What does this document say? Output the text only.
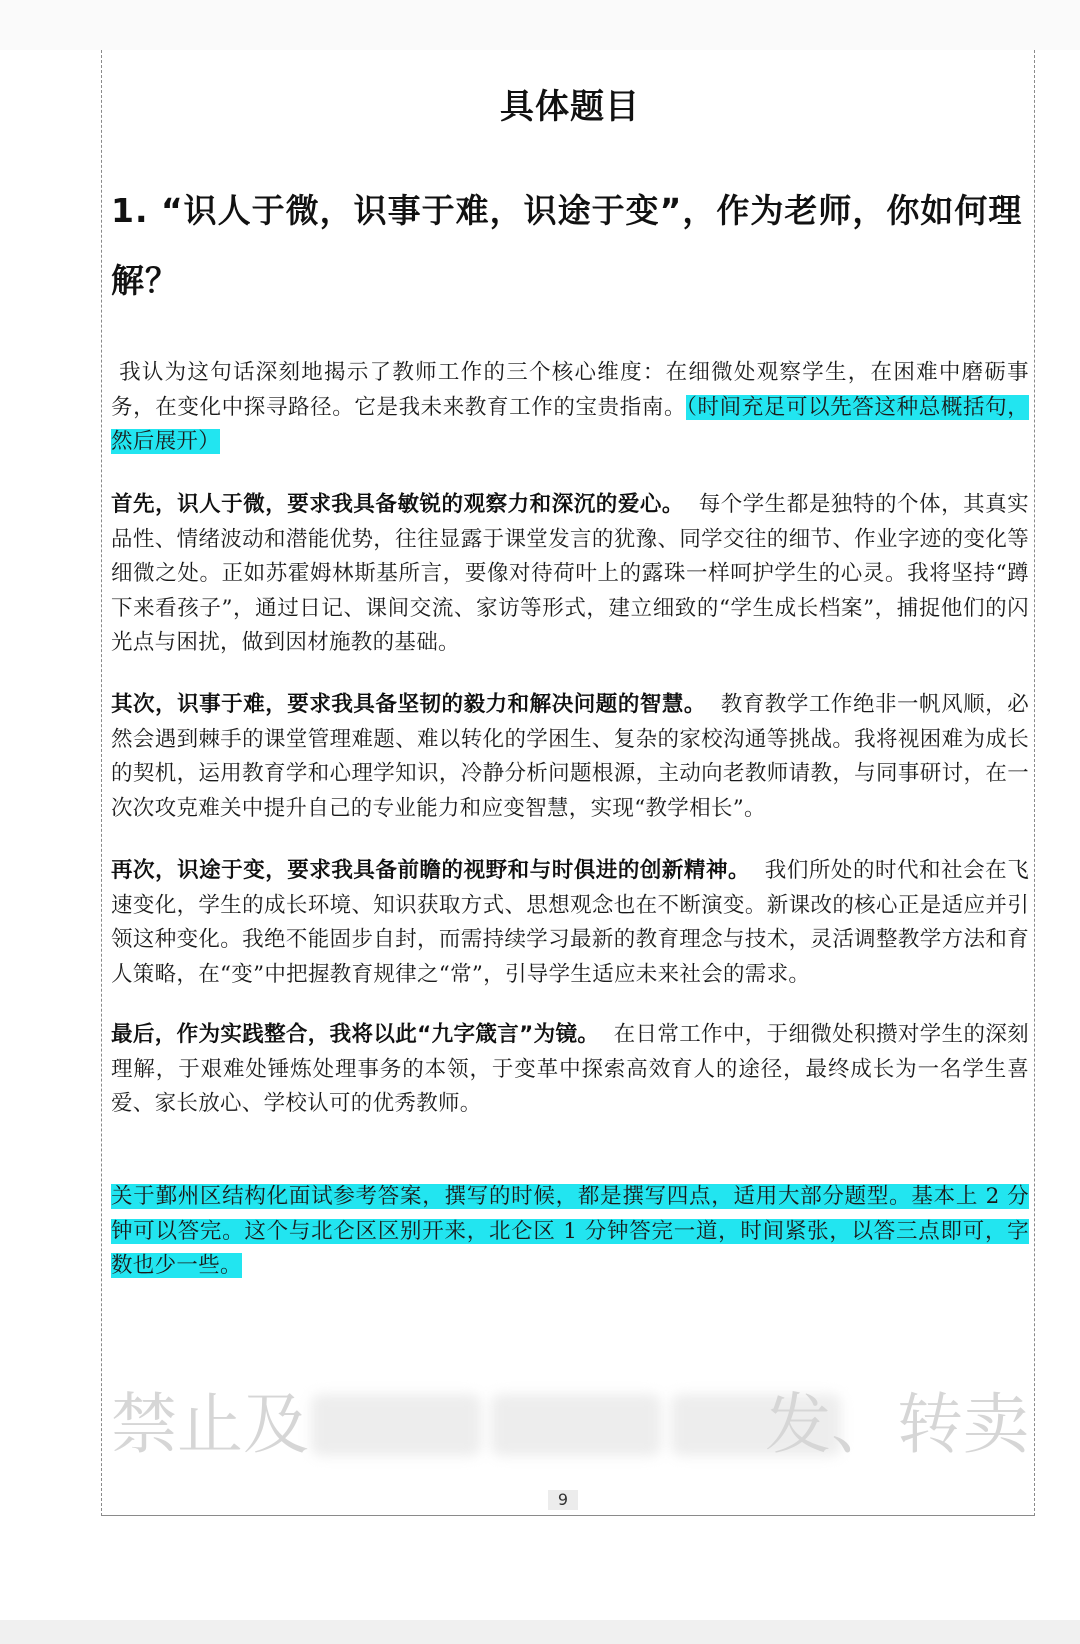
具体题目
1. “识人于微，识事于难，识途于变”，作为老师，你如何理解？
我认为这句话深刻地揭示了教师工作的三个核心维度：在细微处观察学生，在困难中磨砺事务，在变化中探寻路径。它是我未来教育工作的宝贵指南。（时间充足可以先答这种总概括句，然后展开）
首先，识人于微，要求我具备敏锐的观察力和深沉的爱心。 每个学生都是独特的个体，其真实品性、情绪波动和潜能优势，往往显露于课堂发言的犹豫、同学交往的细节、作业字迹的变化等细微之处。正如苏霍姆林斯基所言，要像对待荷叶上的露珠一样呵护学生的心灵。我将坚持“蹲下来看孩子”，通过日记、课间交流、家访等形式，建立细致的“学生成长档案”，捕捉他们的闪光点与困扰，做到因材施教的基础。
其次，识事于难，要求我具备坚韧的毅力和解决问题的智慧。 教育教学工作绝非一帆风顺，必然会遇到棘手的课堂管理难题、难以转化的学困生、复杂的家校沟通等挑战。我将视困难为成长的契机，运用教育学和心理学知识，冷静分析问题根源，主动向老教师请教，与同事研讨，在一次次攻克难关中提升自己的专业能力和应变智慧，实现“教学相长”。
再次，识途于变，要求我具备前瞻的视野和与时俱进的创新精神。 我们所处的时代和社会在飞速变化，学生的成长环境、知识获取方式、思想观念也在不断演变。新课改的核心正是适应并引领这种变化。我绝不能固步自封，而需持续学习最新的教育理念与技术，灵活调整教学方法和育人策略，在“变”中把握教育规律之“常”，引导学生适应未来社会的需求。
最后，作为实践整合，我将以此“九字箴言”为镜。 在日常工作中，于细微处积攒对学生的深刻理解，于艰难处锤炼处理事务的本领，于变革中探索高效育人的途径，最终成长为一名学生喜爱、家长放心、学校认可的优秀教师。
关于鄞州区结构化面试参考答案，撰写的时候，都是撰写四点，适用大部分题型。基本上 2 分钟可以答完。这个与北仑区区别开来，北仑区 1 分钟答完一道，时间紧张，以答三点即可，字数也少一些。
禁止及	发、转卖
9
